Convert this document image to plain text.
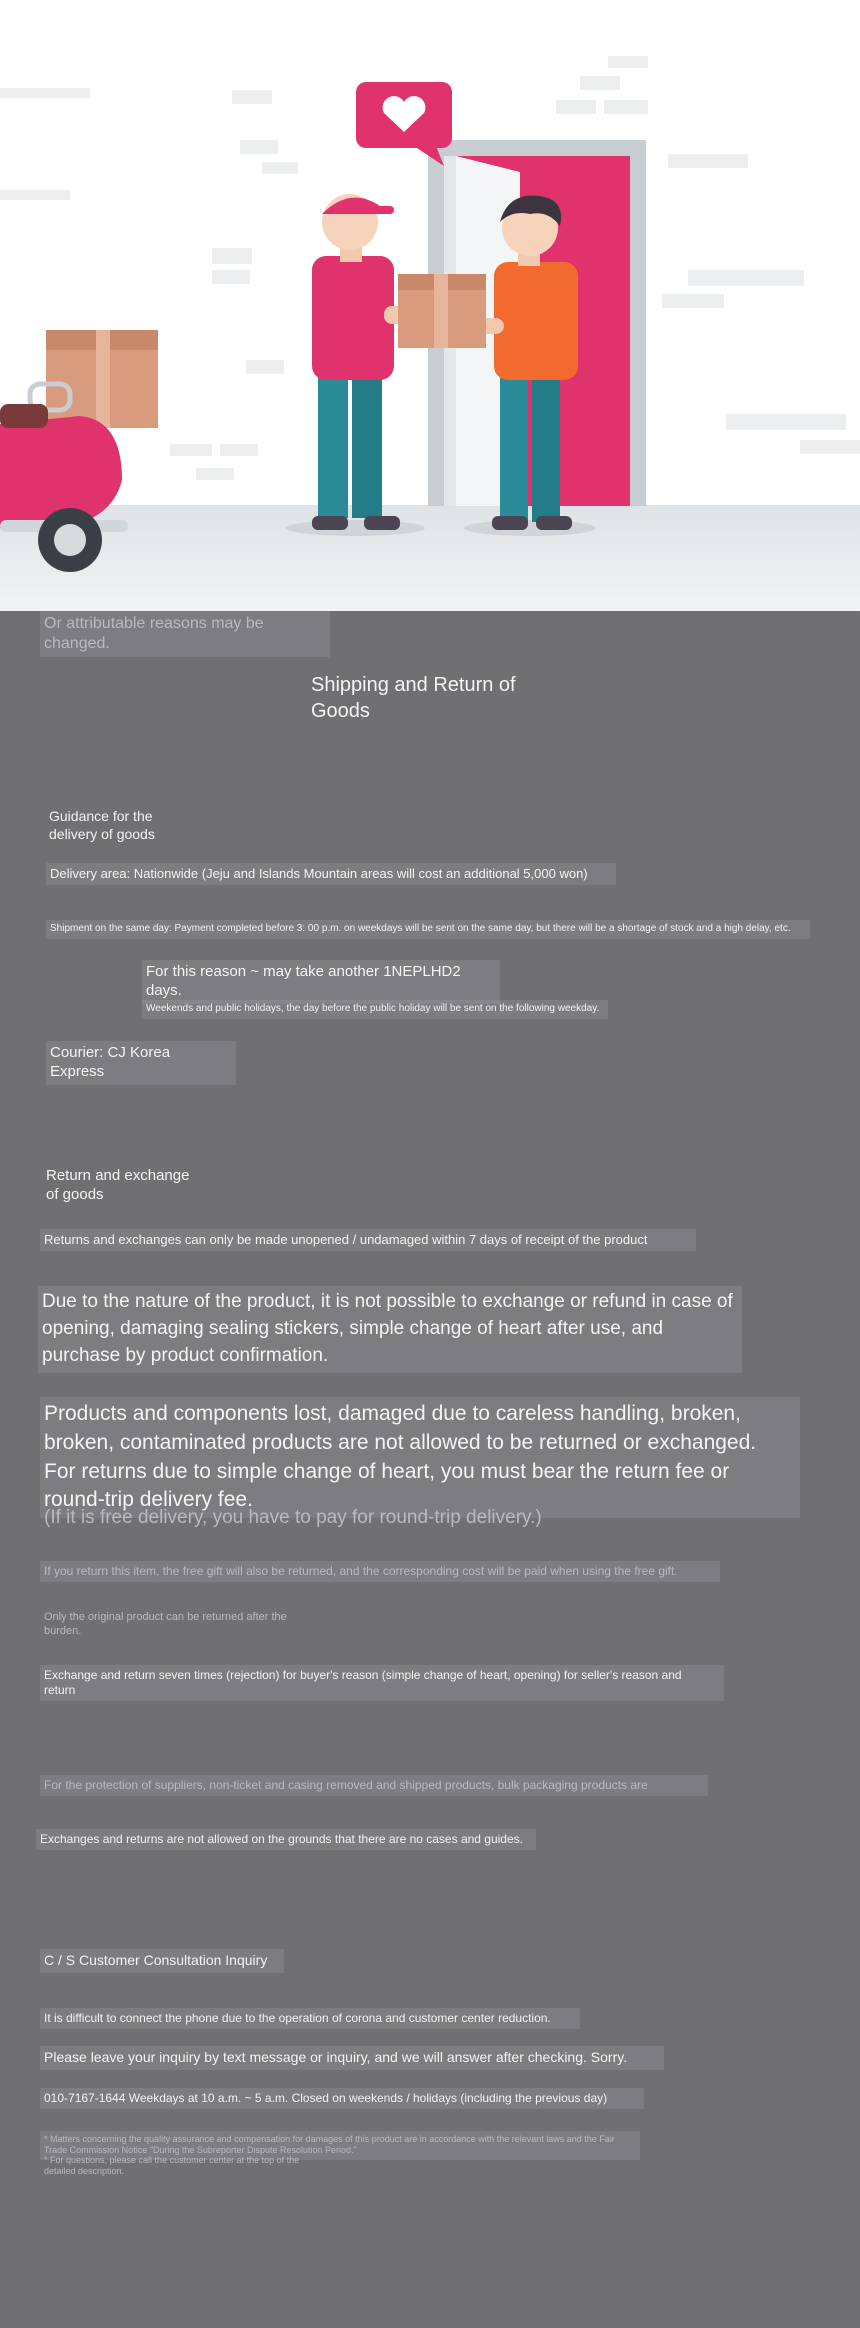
Shipping and Return of Goods
Guidance for the delivery of goods
Delivery area: Nationwide (Jeju and Islands Mountain areas will cost an additional 5,000 won)
Shipment on the same day: Payment completed before 3: 00 p.m. on weekdays will be sent on the same day, but there will be a shortage of stock and a high delay, etc.
For this reason ~ may take another 1NEPLHD2 days.
Weekends and public holidays, the day before the public holiday will be sent on the following weekday.
Courier: CJ Korea Express
Return and exchange of goods
Returns and exchanges can only be made unopened / undamaged within 7 days of receipt of the product
Due to the nature of the product, it is not possible to exchange or refund in case of opening, damaging sealing stickers, simple change of heart after use, and purchase by product confirmation.
Products and components lost, damaged due to careless handling, broken, broken, contaminated products are not allowed to be returned or exchanged. For returns due to simple change of heart, you must bear the return fee or round-trip delivery fee.
(If it is free delivery, you have to pay for round-trip delivery.)
If you return this item, the free gift will also be returned, and the corresponding cost will be paid when using the free gift.
Only the original product can be returned after the burden.
Exchange and return seven times (rejection) for buyer's reason (simple change of heart, opening) for seller's reason and return
Or attributable reasons may be changed.
For the protection of suppliers, non-ticket and casing removed and shipped products, bulk packaging products are
Exchanges and returns are not allowed on the grounds that there are no cases and guides.
C / S Customer Consultation Inquiry
It is difficult to connect the phone due to the operation of corona and customer center reduction.
Please leave your inquiry by text message or inquiry, and we will answer after checking. Sorry.
010-7167-1644 Weekdays at 10 a.m. ~ 5 a.m. Closed on weekends / holidays (including the previous day)
* Matters concerning the quality assurance and compensation for damages of this product are in accordance with the relevant laws and the Fair Trade Commission Notice "During the Subreporter Dispute Resolution Period."
* For questions, please call the customer center at the top of the detailed description.
